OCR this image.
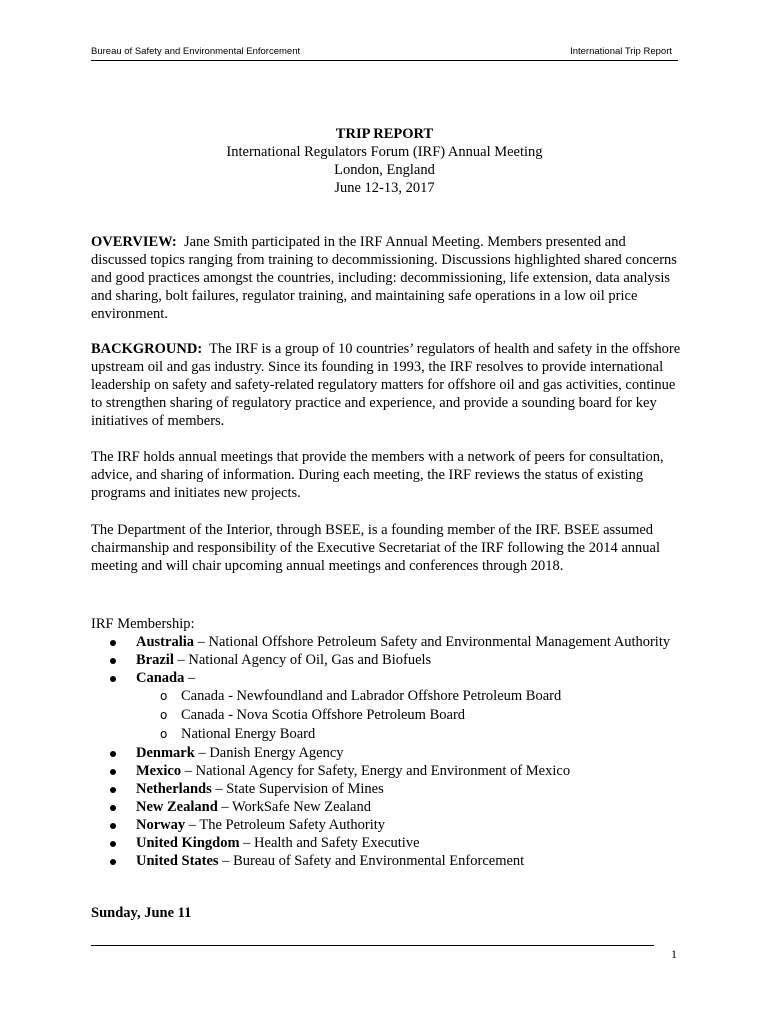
Bureau of Safety and Environmental Enforcement	International Trip Report
TRIP REPORT
International Regulators Forum (IRF) Annual Meeting
London, England
June 12-13, 2017
OVERVIEW: Jane Smith participated in the IRF Annual Meeting. Members presented and discussed topics ranging from training to decommissioning. Discussions highlighted shared concerns and good practices amongst the countries, including: decommissioning, life extension, data analysis and sharing, bolt failures, regulator training, and maintaining safe operations in a low oil price environment.
BACKGROUND: The IRF is a group of 10 countries’ regulators of health and safety in the offshore upstream oil and gas industry. Since its founding in 1993, the IRF resolves to provide international leadership on safety and safety-related regulatory matters for offshore oil and gas activities, continue to strengthen sharing of regulatory practice and experience, and provide a sounding board for key initiatives of members.
The IRF holds annual meetings that provide the members with a network of peers for consultation, advice, and sharing of information. During each meeting, the IRF reviews the status of existing programs and initiates new projects.
The Department of the Interior, through BSEE, is a founding member of the IRF. BSEE assumed chairmanship and responsibility of the Executive Secretariat of the IRF following the 2014 annual meeting and will chair upcoming annual meetings and conferences through 2018.
IRF Membership:
Australia – National Offshore Petroleum Safety and Environmental Management Authority
Brazil – National Agency of Oil, Gas and Biofuels
Canada –
o Canada - Newfoundland and Labrador Offshore Petroleum Board
o Canada - Nova Scotia Offshore Petroleum Board
o National Energy Board
Denmark – Danish Energy Agency
Mexico – National Agency for Safety, Energy and Environment of Mexico
Netherlands – State Supervision of Mines
New Zealand – WorkSafe New Zealand
Norway – The Petroleum Safety Authority
United Kingdom – Health and Safety Executive
United States – Bureau of Safety and Environmental Enforcement
Sunday, June 11
1
